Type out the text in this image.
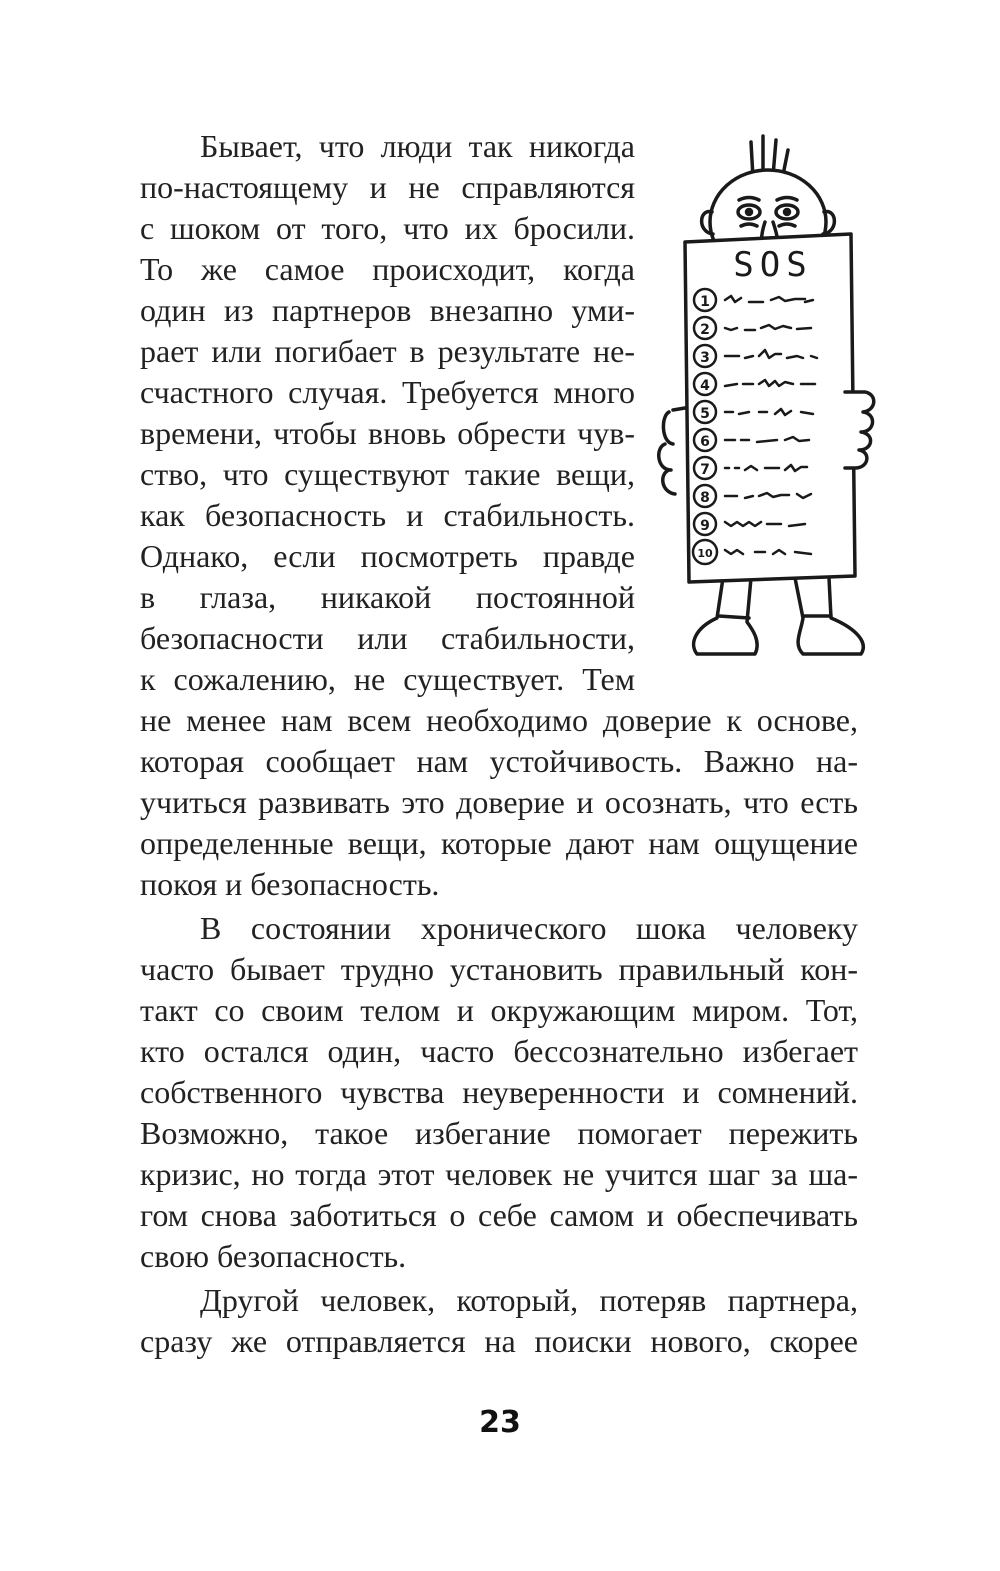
Бывает, что люди так никогда
по-настоящему и не справляются
с шоком от того, что их бросили.
То же самое происходит, когда
один из партнеров внезапно уми-
рает или погибает в результате не-
счастного случая. Требуется много
времени, чтобы вновь обрести чув-
ство, что существуют такие вещи,
как безопасность и стабильность.
Однако, если посмотреть правде
в глаза, никакой постоянной
безопасности или стабильности,
к сожалению, не существует. Тем
не менее нам всем необходимо доверие к основе,
которая сообщает нам устойчивость. Важно на-
учиться развивать это доверие и осознать, что есть
определенные вещи, которые дают нам ощущение
покоя и безопасность.
В состоянии хронического шока человеку
часто бывает трудно установить правильный кон-
такт со своим телом и окружающим миром. Тот,
кто остался один, часто бессознательно избегает
собственного чувства неуверенности и сомнений.
Возможно, такое избегание помогает пережить
кризис, но тогда этот человек не учится шаг за ша-
гом снова заботиться о себе самом и обеспечивать
свою безопасность.
Другой человек, который, потеряв партнера,
сразу же отправляется на поиски нового, скорее
SOS
1
2
3
4
5
6
7
8
9
10
23
